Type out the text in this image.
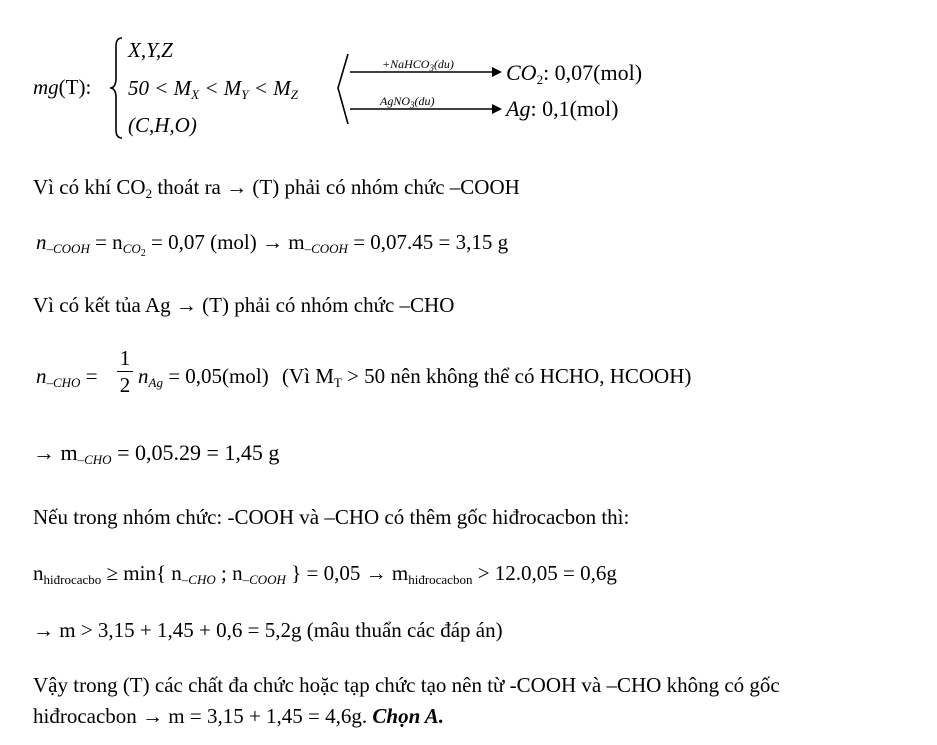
mg(T):
X,Y,Z
$50 < M_X < M_Y < M_Z$
(C,H,O)
+NaHCO$_3$(du)
AgNO$_3$(du)
$CO_2$: 0,07(mol)
Ag: 0,1(mol)
Vì có khí $CO_2$ thoát ra → (T) phải có nhóm chức –COOH
$n_{-COOH} = n_{CO2} = 0,07$ $(mol) \to m_{-COOH} = 0,07.45 = 3,15$ g
Vì có kết tủa Ag → (T) phải có nhóm chức –CHO
$n_{-CHO}$ =
1
2 $n_{Ag} = 0,05(mol)$ (Vì $M_T > 50$ nên không thể có HCHO, HCOOH)
→ $m_{-CHO} = 0,05.29 = 1,45$ g
Nếu trong nhóm chức: -COOH và –CHO có thêm gốc hiđrocacbon thì:
$n_{hiđrocacbo} \ge \min${ $n_{-CHO}$ ; $n_{-COOH}$ } = $0,05 \to m_{hiđrocacbon} > 12.0,05 = 0,6g$
→ m > 3,15 + 1,45 + 0,6 = 5,2g (mâu thuẩn các đáp án)
Vậy trong (T) các chất đa chức hoặc tạp chức tạo nên từ -COOH và –CHO không có gốc
hiđrocacbon → m = 3,15 + 1,45 = 4,6g. Chọn A.
